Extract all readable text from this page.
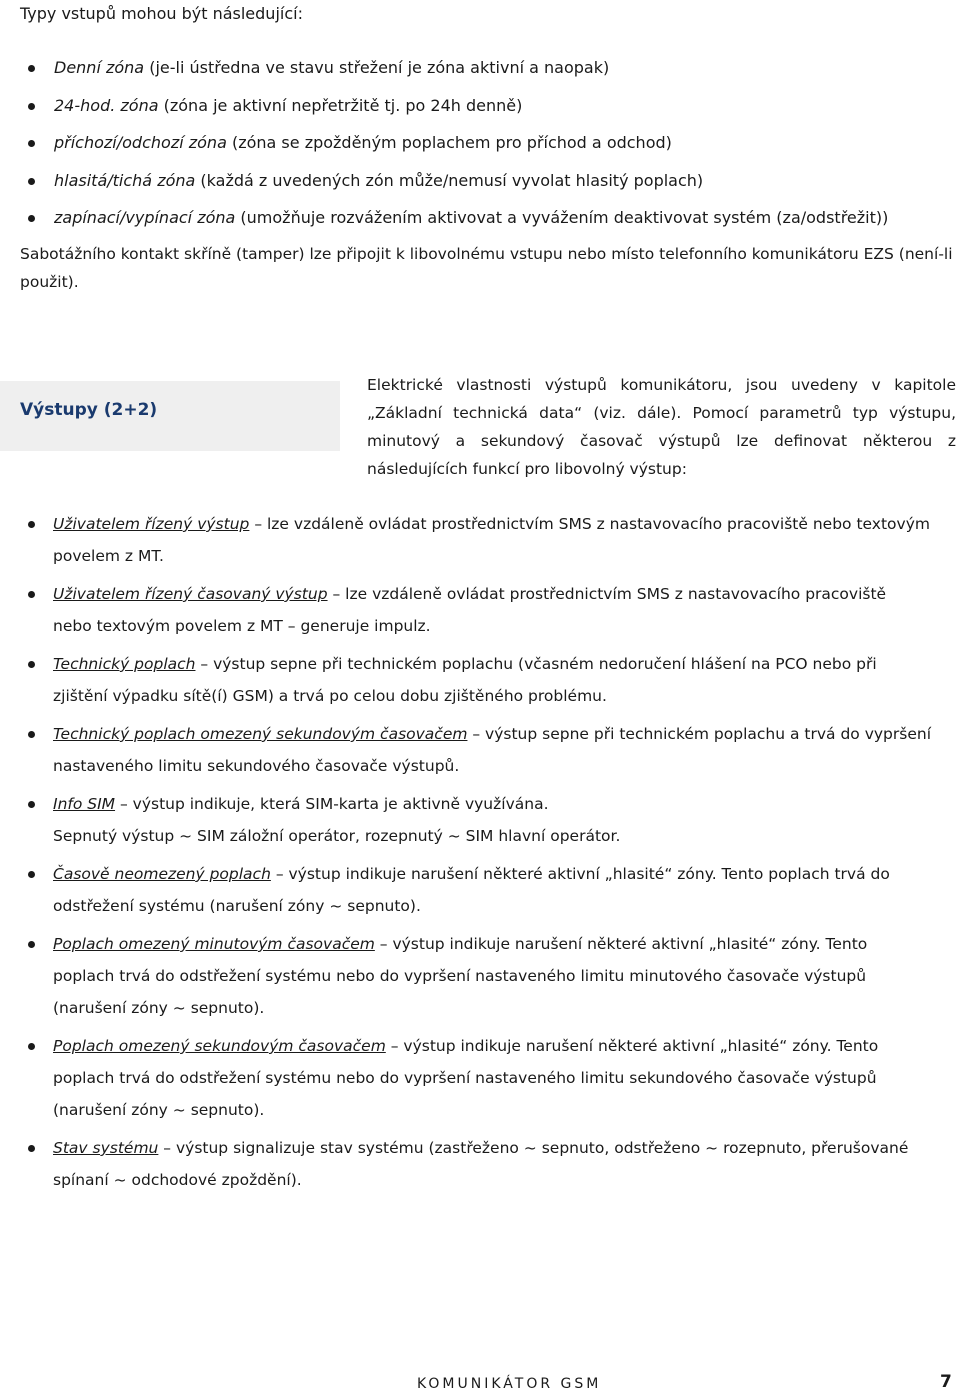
Typy vstupů mohou být následující:
Denní zóna (je-li ústředna ve stavu střežení je zóna aktivní a naopak)
24-hod. zóna (zóna je aktivní nepřetržitě tj. po 24h denně)
příchozí/odchozí zóna (zóna se zpožděným poplachem pro příchod a odchod)
hlasitá/tichá zóna (každá z uvedených zón může/nemusí vyvolat hlasitý poplach)
zapínací/vypínací zóna (umožňuje rozvážením aktivovat a vyvážením deaktivovat systém (za/odstřežit))
Sabotážního kontakt skříně (tamper) lze připojit k libovolnému vstupu nebo místo telefonního komunikátoru EZS (není-li použit).
Výstupy (2+2)
Elektrické vlastnosti výstupů komunikátoru, jsou uvedeny v kapitole „Základní technická data“ (viz. dále). Pomocí parametrů typ výstupu, minutový a sekundový časovač výstupů lze definovat některou z následujících funkcí pro libovolný výstup:
Uživatelem řízený výstup – lze vzdáleně ovládat prostřednictvím SMS z nastavovacího pracoviště nebo textovým povelem z MT.
Uživatelem řízený časovaný výstup – lze vzdáleně ovládat prostřednictvím SMS z nastavovacího pracoviště nebo textovým povelem z MT – generuje impulz.
Technický poplach – výstup sepne při technickém poplachu (včasném nedoručení hlášení na PCO nebo při zjištění výpadku sítě(í) GSM) a trvá po celou dobu zjištěného problému.
Technický poplach omezený sekundovým časovačem – výstup sepne při technickém poplachu a trvá do vypršení nastaveného limitu sekundového časovače výstupů.
Info SIM – výstup indikuje, která SIM-karta je aktivně využívána.
Sepnutý výstup ~ SIM záložní operátor, rozepnutý ~ SIM hlavní operátor.
Časově neomezený poplach – výstup indikuje narušení některé aktivní „hlasité“ zóny. Tento poplach trvá do odstřežení systému (narušení zóny ~ sepnuto).
Poplach omezený minutovým časovačem – výstup indikuje narušení některé aktivní „hlasité“ zóny. Tento poplach trvá do odstřežení systému nebo do vypršení nastaveného limitu minutového časovače výstupů (narušení zóny ~ sepnuto).
Poplach omezený sekundovým časovačem – výstup indikuje narušení některé aktivní „hlasité“ zóny. Tento poplach trvá do odstřežení systému nebo do vypršení nastaveného limitu sekundového časovače výstupů (narušení zóny ~ sepnuto).
Stav systému – výstup signalizuje stav systému (zastřeženo ~ sepnuto, odstřeženo ~ rozepnuto, přerušované spínaní ~ odchodové zpoždění).
KOMUNIKÁTOR GSM	7
